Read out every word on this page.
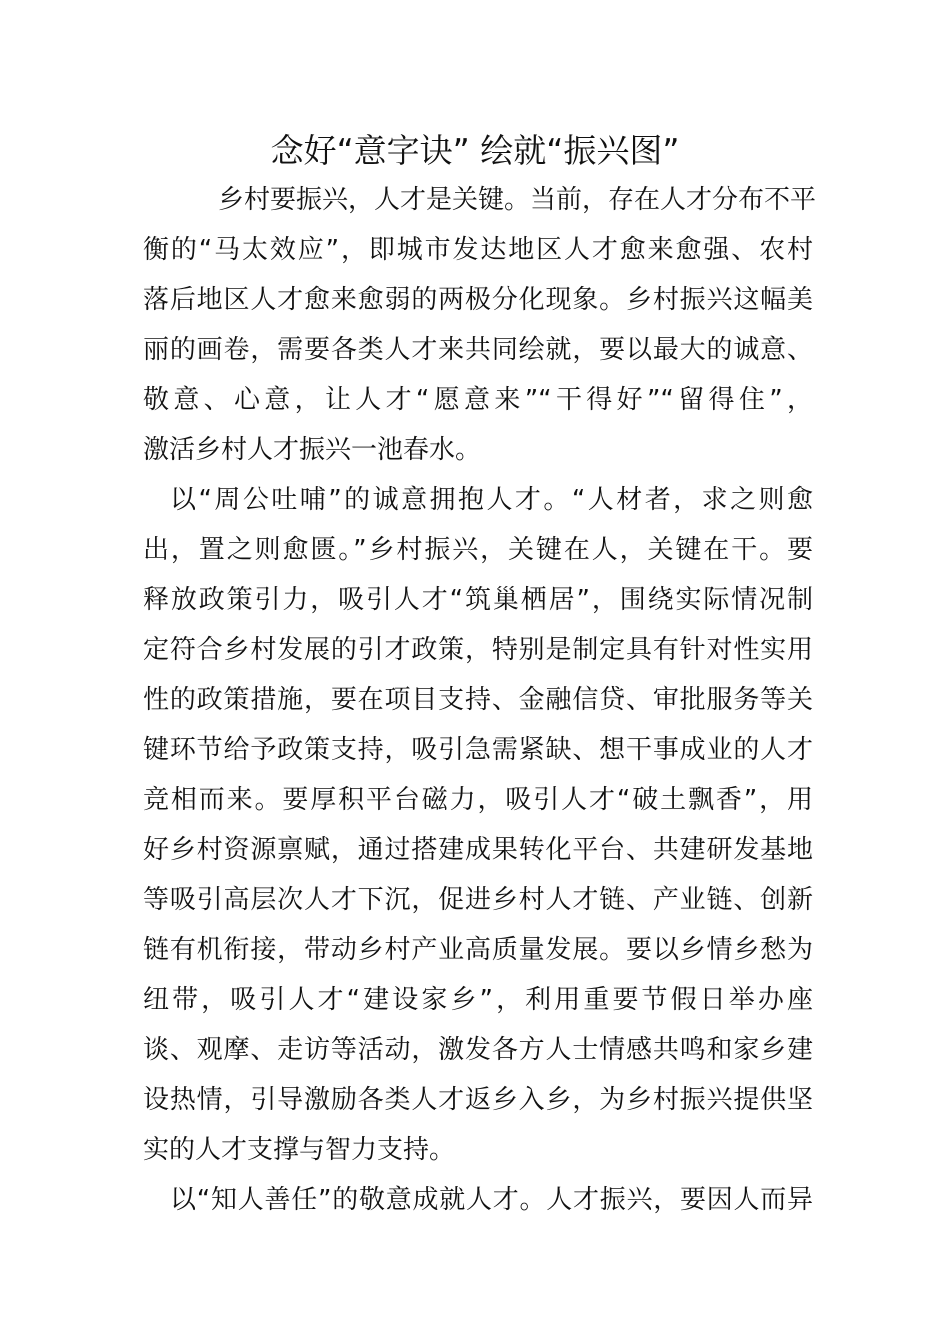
念好“意字诀” 绘就“振兴图”

乡村要振兴，人才是关键。当前，存在人才分布不平

衡的“马太效应”，即城市发达地区人才愈来愈强、农村

落后地区人才愈来愈弱的两极分化现象。乡村振兴这幅美

丽的画卷，需要各类人才来共同绘就，要以最大的诚意、

敬意、心意，让人才“愿意来”“干得好”“留得住”，

激活乡村人才振兴一池春水。

以“周公吐哺”的诚意拥抱人才。“人材者，求之则愈

出，置之则愈匮。”乡村振兴，关键在人，关键在干。要

释放政策引力，吸引人才“筑巢栖居”，围绕实际情况制

定符合乡村发展的引才政策，特别是制定具有针对性实用

性的政策措施，要在项目支持、金融信贷、审批服务等关

键环节给予政策支持，吸引急需紧缺、想干事成业的人才

竞相而来。要厚积平台磁力，吸引人才“破土飘香”，用

好乡村资源禀赋，通过搭建成果转化平台、共建研发基地

等吸引高层次人才下沉，促进乡村人才链、产业链、创新

链有机衔接，带动乡村产业高质量发展。要以乡情乡愁为

纽带，吸引人才“建设家乡”，利用重要节假日举办座

谈、观摩、走访等活动，激发各方人士情感共鸣和家乡建

设热情，引导激励各类人才返乡入乡，为乡村振兴提供坚

实的人才支撑与智力支持。

以“知人善任”的敬意成就人才。人才振兴，要因人而异
